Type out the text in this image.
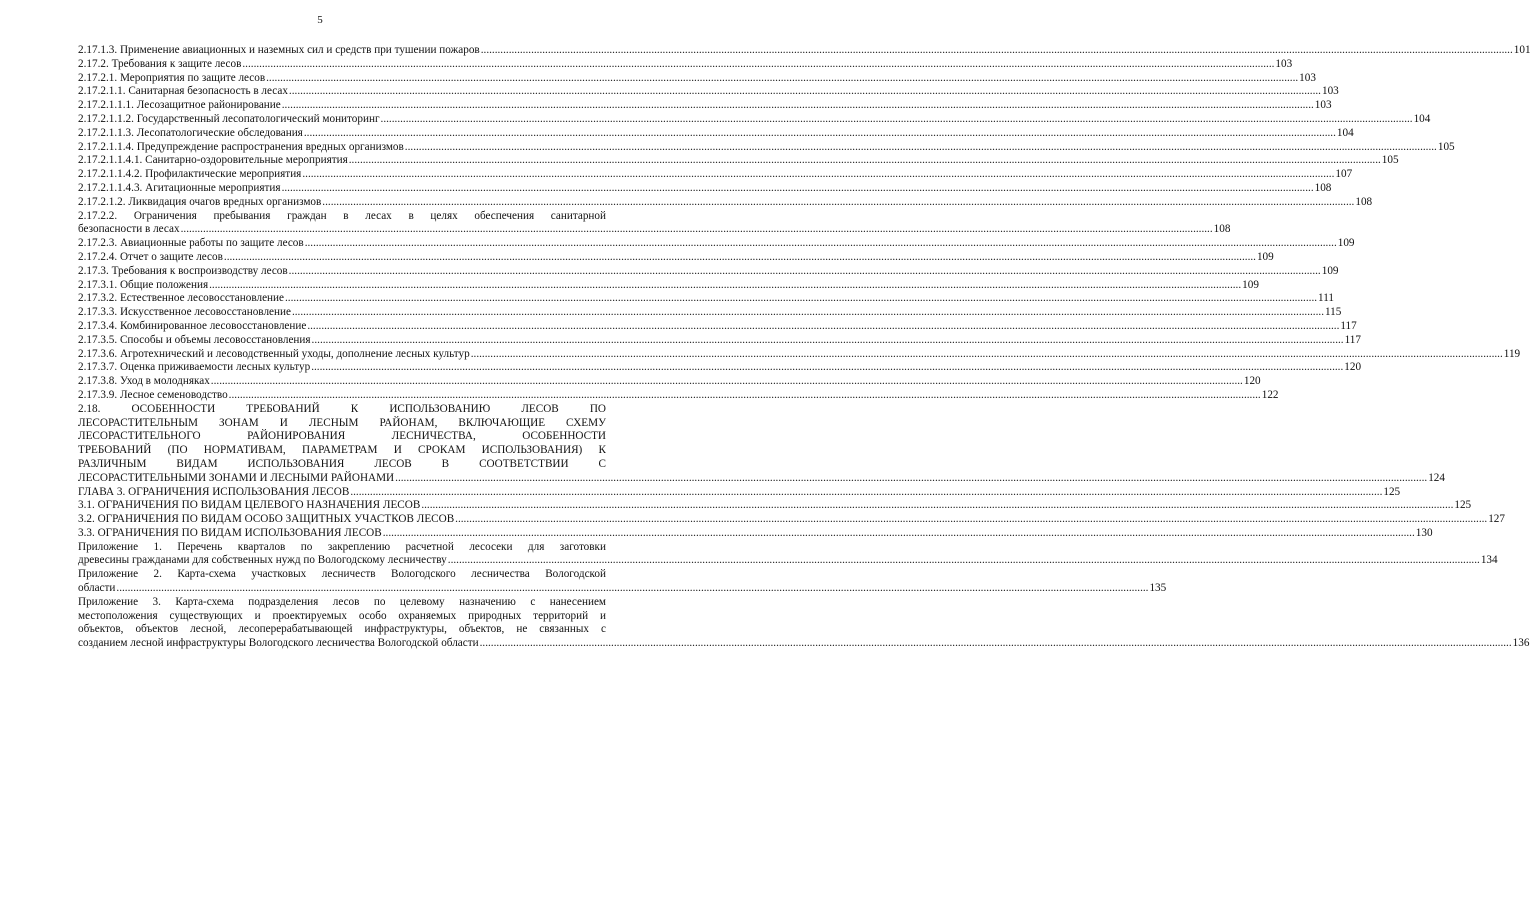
5
2.17.1.3. Применение авиационных и наземных сил и средств при тушении пожаров .....	101
2.17.2. Требования к защите лесов .....	103
2.17.2.1. Мероприятия по защите лесов .....	103
2.17.2.1.1. Санитарная безопасность в лесах .....	103
2.17.2.1.1.1. Лесозащитное районирование .....	103
2.17.2.1.1.2. Государственный лесопатологический мониторинг .....	104
2.17.2.1.1.3. Лесопатологические обследования .....	104
2.17.2.1.1.4. Предупреждение распространения вредных организмов .....	105
2.17.2.1.1.4.1. Санитарно-оздоровительные мероприятия .....	105
2.17.2.1.1.4.2. Профилактические мероприятия .....	107
2.17.2.1.1.4.3. Агитационные мероприятия .....	108
2.17.2.1.2. Ликвидация очагов вредных организмов .....	108
2.17.2.2. Ограничения пребывания граждан в лесах в целях обеспечения санитарной
безопасности в лесах .....	108
2.17.2.3. Авиационные работы по защите лесов .....	109
2.17.2.4. Отчет о защите лесов .....	109
2.17.3. Требования к воспроизводству лесов .....	109
2.17.3.1. Общие положения .....	109
2.17.3.2. Естественное лесовосстановление .....	111
2.17.3.3. Искусственное лесовосстановление .....	115
2.17.3.4. Комбинированное лесовосстановление .....	117
2.17.3.5. Способы и объемы лесовосстановления .....	117
2.17.3.6. Агротехнический и лесоводственный уходы, дополнение лесных культур .....	119
2.17.3.7. Оценка приживаемости лесных культур .....	120
2.17.3.8. Уход в молодняках .....	120
2.17.3.9. Лесное семеноводство .....	122
2.18. ОСОБЕННОСТИ ТРЕБОВАНИЙ К ИСПОЛЬЗОВАНИЮ ЛЕСОВ ПО
ЛЕСОРАСТИТЕЛЬНЫМ ЗОНАМ И ЛЕСНЫМ РАЙОНАМ, ВКЛЮЧАЮЩИЕ СХЕМУ
ЛЕСОРАСТИТЕЛЬНОГО РАЙОНИРОВАНИЯ ЛЕСНИЧЕСТВА, ОСОБЕННОСТИ
ТРЕБОВАНИЙ (ПО НОРМАТИВАМ, ПАРАМЕТРАМ И СРОКАМ ИСПОЛЬЗОВАНИЯ) К
РАЗЛИЧНЫМ ВИДАМ ИСПОЛЬЗОВАНИЯ ЛЕСОВ В СООТВЕТСТВИИ С
ЛЕСОРАСТИТЕЛЬНЫМИ ЗОНАМИ И ЛЕСНЫМИ РАЙОНАМИ .....	124
ГЛАВА 3. ОГРАНИЧЕНИЯ ИСПОЛЬЗОВАНИЯ ЛЕСОВ .....	125
3.1. ОГРАНИЧЕНИЯ ПО ВИДАМ ЦЕЛЕВОГО НАЗНАЧЕНИЯ ЛЕСОВ .....	125
3.2. ОГРАНИЧЕНИЯ ПО ВИДАМ ОСОБО ЗАЩИТНЫХ УЧАСТКОВ ЛЕСОВ .....	127
3.3. ОГРАНИЧЕНИЯ ПО ВИДАМ ИСПОЛЬЗОВАНИЯ ЛЕСОВ .....	130
Приложение 1. Перечень кварталов по закреплению расчетной лесосеки для заготовки
древесины гражданами для собственных нужд по Вологодскому лесничеству .....	134
Приложение 2. Карта-схема участковых лесничеств Вологодского лесничества Вологодской
области .....	135
Приложение 3. Карта-схема подразделения лесов по целевому назначению с нанесением
местоположения существующих и проектируемых особо охраняемых природных территорий и
объектов, объектов лесной, лесоперерабатывающей инфраструктуры, объектов, не связанных с
созданием лесной инфраструктуры Вологодского лесничества Вологодской области .....	136
